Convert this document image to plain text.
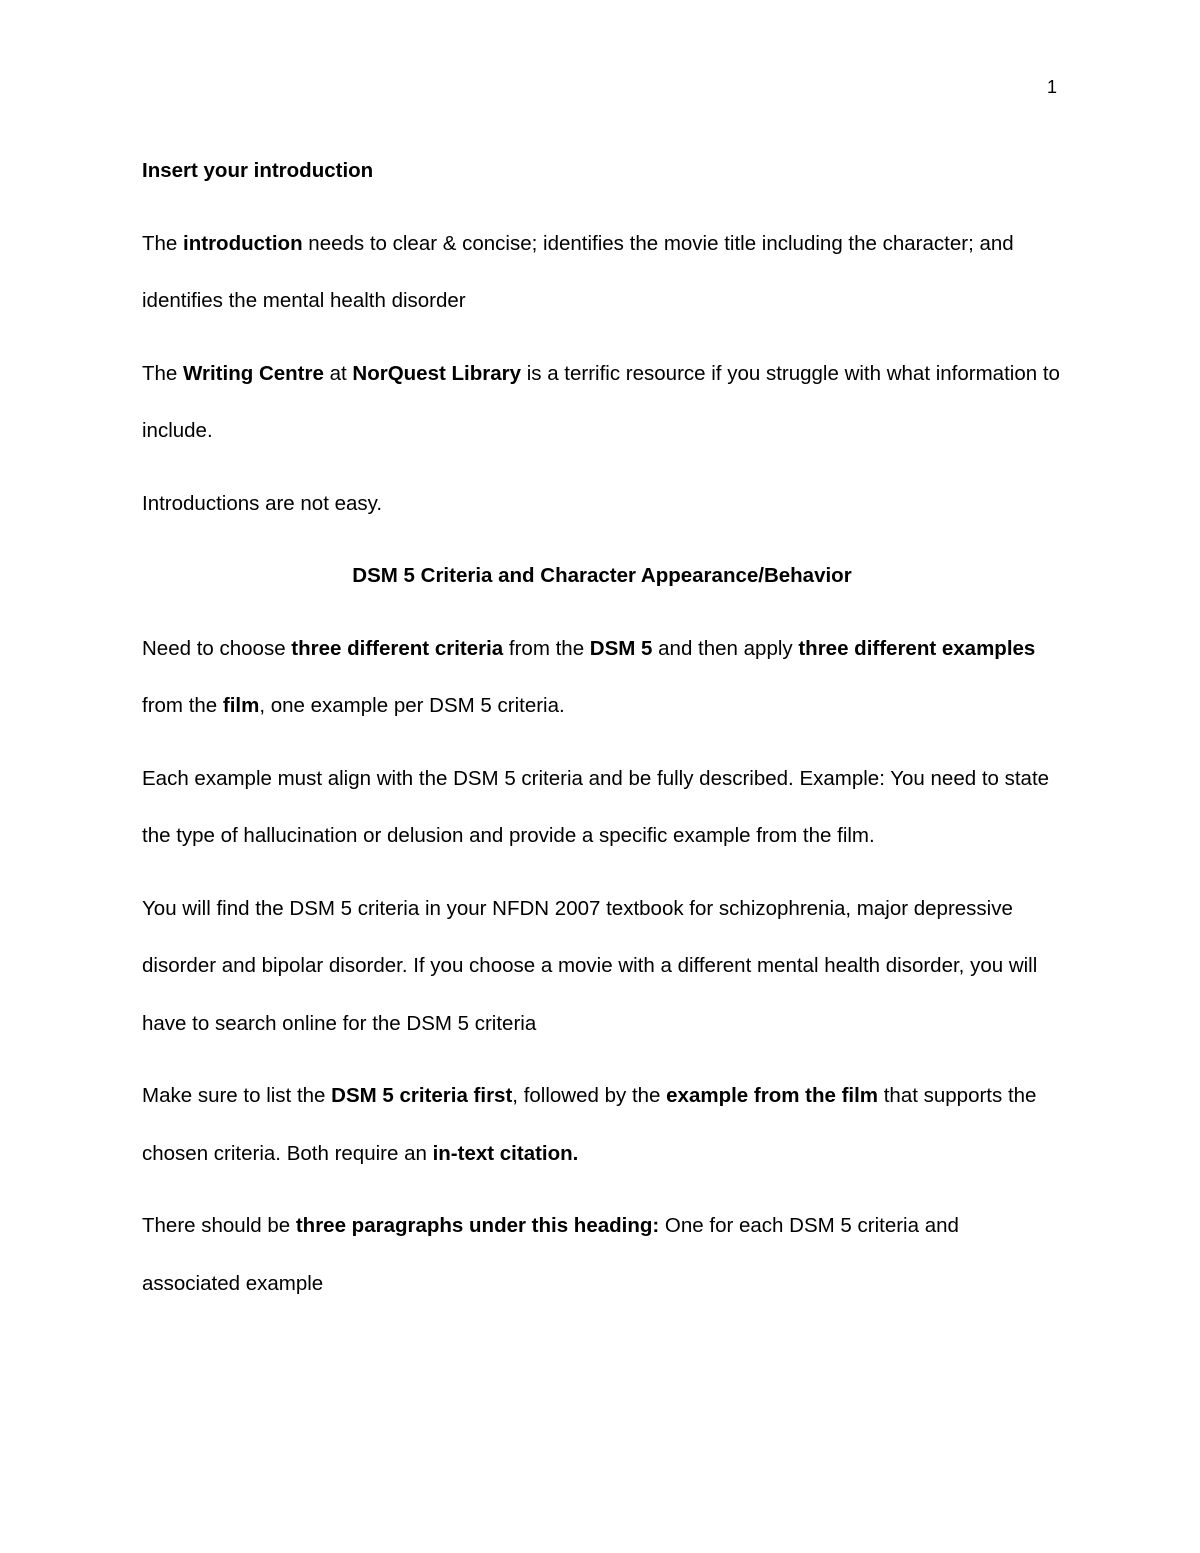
1

Insert your introduction

The introduction needs to clear & concise; identifies the movie title including the character; and identifies the mental health disorder

The Writing Centre at NorQuest Library is a terrific resource if you struggle with what information to include.

Introductions are not easy.

DSM 5 Criteria and Character Appearance/Behavior

Need to choose three different criteria from the DSM 5 and then apply three different examples from the film, one example per DSM 5 criteria.

Each example must align with the DSM 5 criteria and be fully described. Example: You need to state the type of hallucination or delusion and provide a specific example from the film.

You will find the DSM 5 criteria in your NFDN 2007 textbook for schizophrenia, major depressive disorder and bipolar disorder. If you choose a movie with a different mental health disorder, you will have to search online for the DSM 5 criteria

Make sure to list the DSM 5 criteria first, followed by the example from the film that supports the chosen criteria. Both require an in-text citation.

There should be three paragraphs under this heading: One for each DSM 5 criteria and associated example
